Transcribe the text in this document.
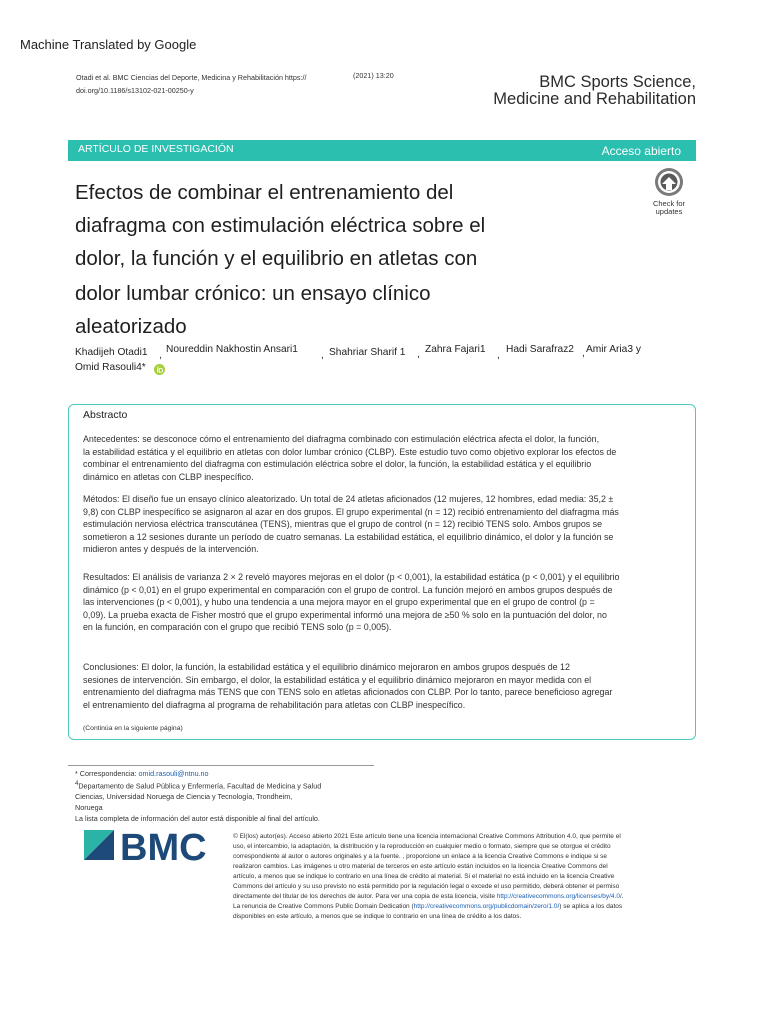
Machine Translated by Google
Otadi et al. BMC Ciencias del Deporte, Medicina y Rehabilitación https://
doi.org/10.1186/s13102-021-00250-y
(2021) 13:20	BMC Sports Science,
Medicine and Rehabilitation
ARTÍCULO DE INVESTIGACIÓN	Acceso abierto
Efectos de combinar el entrenamiento del
diafragma con estimulación eléctrica sobre el
dolor, la función y el equilibrio en atletas con
dolor lumbar crónico: un ensayo clínico
aleatorizado
Check for
updates
Khadijeh Otadi1 ,
Noureddin Nakhostin Ansari1
, Shahriar Sharif 1 , Zahra Fajari1
,
Hadi Sarafraz2 , Amir Aria3 y
Omid Rasouli4*
Abstracto
Antecedentes: se desconoce cómo el entrenamiento del diafragma combinado con estimulación eléctrica afecta el dolor, la función,
la estabilidad estática y el equilibrio en atletas con dolor lumbar crónico (CLBP). Este estudio tuvo como objetivo explorar los efectos de
combinar el entrenamiento del diafragma con estimulación eléctrica sobre el dolor, la función, la estabilidad estática y el equilibrio
dinámico en atletas con CLBP inespecífico.
Métodos: El diseño fue un ensayo clínico aleatorizado. Un total de 24 atletas aficionados (12 mujeres, 12 hombres, edad media: 35,2 ±
9,8) con CLBP inespecífico se asignaron al azar en dos grupos. El grupo experimental (n = 12) recibió entrenamiento del diafragma más
estimulación nerviosa eléctrica transcutánea (TENS), mientras que el grupo de control (n = 12) recibió TENS solo. Ambos grupos se
sometieron a 12 sesiones durante un período de cuatro semanas. La estabilidad estática, el equilibrio dinámico, el dolor y la función se
midieron antes y después de la intervención.
Resultados: El análisis de varianza 2 × 2 reveló mayores mejoras en el dolor (p < 0,001), la estabilidad estática (p < 0,001) y el equilibrio
dinámico (p < 0,01) en el grupo experimental en comparación con el grupo de control. La función mejoró en ambos grupos después de
las intervenciones (p < 0,001), y hubo una tendencia a una mejora mayor en el grupo experimental que en el grupo de control (p =
0,09). La prueba exacta de Fisher mostró que el grupo experimental informó una mejora de ≥50 % solo en la puntuación del dolor, no
en la función, en comparación con el grupo que recibió TENS solo (p = 0,005).
Conclusiones: El dolor, la función, la estabilidad estática y el equilibrio dinámico mejoraron en ambos grupos después de 12
sesiones de intervención. Sin embargo, el dolor, la estabilidad estática y el equilibrio dinámico mejoraron en mayor medida con el
entrenamiento del diafragma más TENS que con TENS solo en atletas aficionados con CLBP. Por lo tanto, parece beneficioso agregar
el entrenamiento del diafragma al programa de rehabilitación para atletas con CLBP inespecífico.
(Continúa en la siguiente página)
* Correspondencia: omid.rasouli@ntnu.no
$^4$Departamento de Salud Pública y Enfermería, Facultad de Medicina y Salud
Ciencias, Universidad Noruega de Ciencia y Tecnología, Trondheim,
Noruega
La lista completa de información del autor está disponible al final del artículo.
BMC	© El(los) autor(es). Acceso abierto 2021 Este artículo tiene una licencia internacional Creative Commons Attribution 4.0, que permite el
uso, el intercambio, la adaptación, la distribución y la reproducción en cualquier medio o formato, siempre que se otorgue el crédito
correspondiente al autor o autores originales y a la fuente. , proporcione un enlace a la licencia Creative Commons e indique si se
realizaron cambios. Las imágenes u otro material de terceros en este artículo están incluidos en la licencia Creative Commons del
artículo, a menos que se indique lo contrario en una línea de crédito al material. Si el material no está incluido en la licencia Creative
Commons del artículo y su uso previsto no está permitido por la regulación legal o excede el uso permitido, deberá obtener el permiso
directamente del titular de los derechos de autor. Para ver una copia de esta licencia, visite http://creativecommons.org/licenses/by/4.0/.
La renuncia de Creative Commons Public Domain Dedication (http://creativecommons.org/publicdomain/zero/1.0/) se aplica a los datos
disponibles en este artículo, a menos que se indique lo contrario en una línea de crédito a los datos.
